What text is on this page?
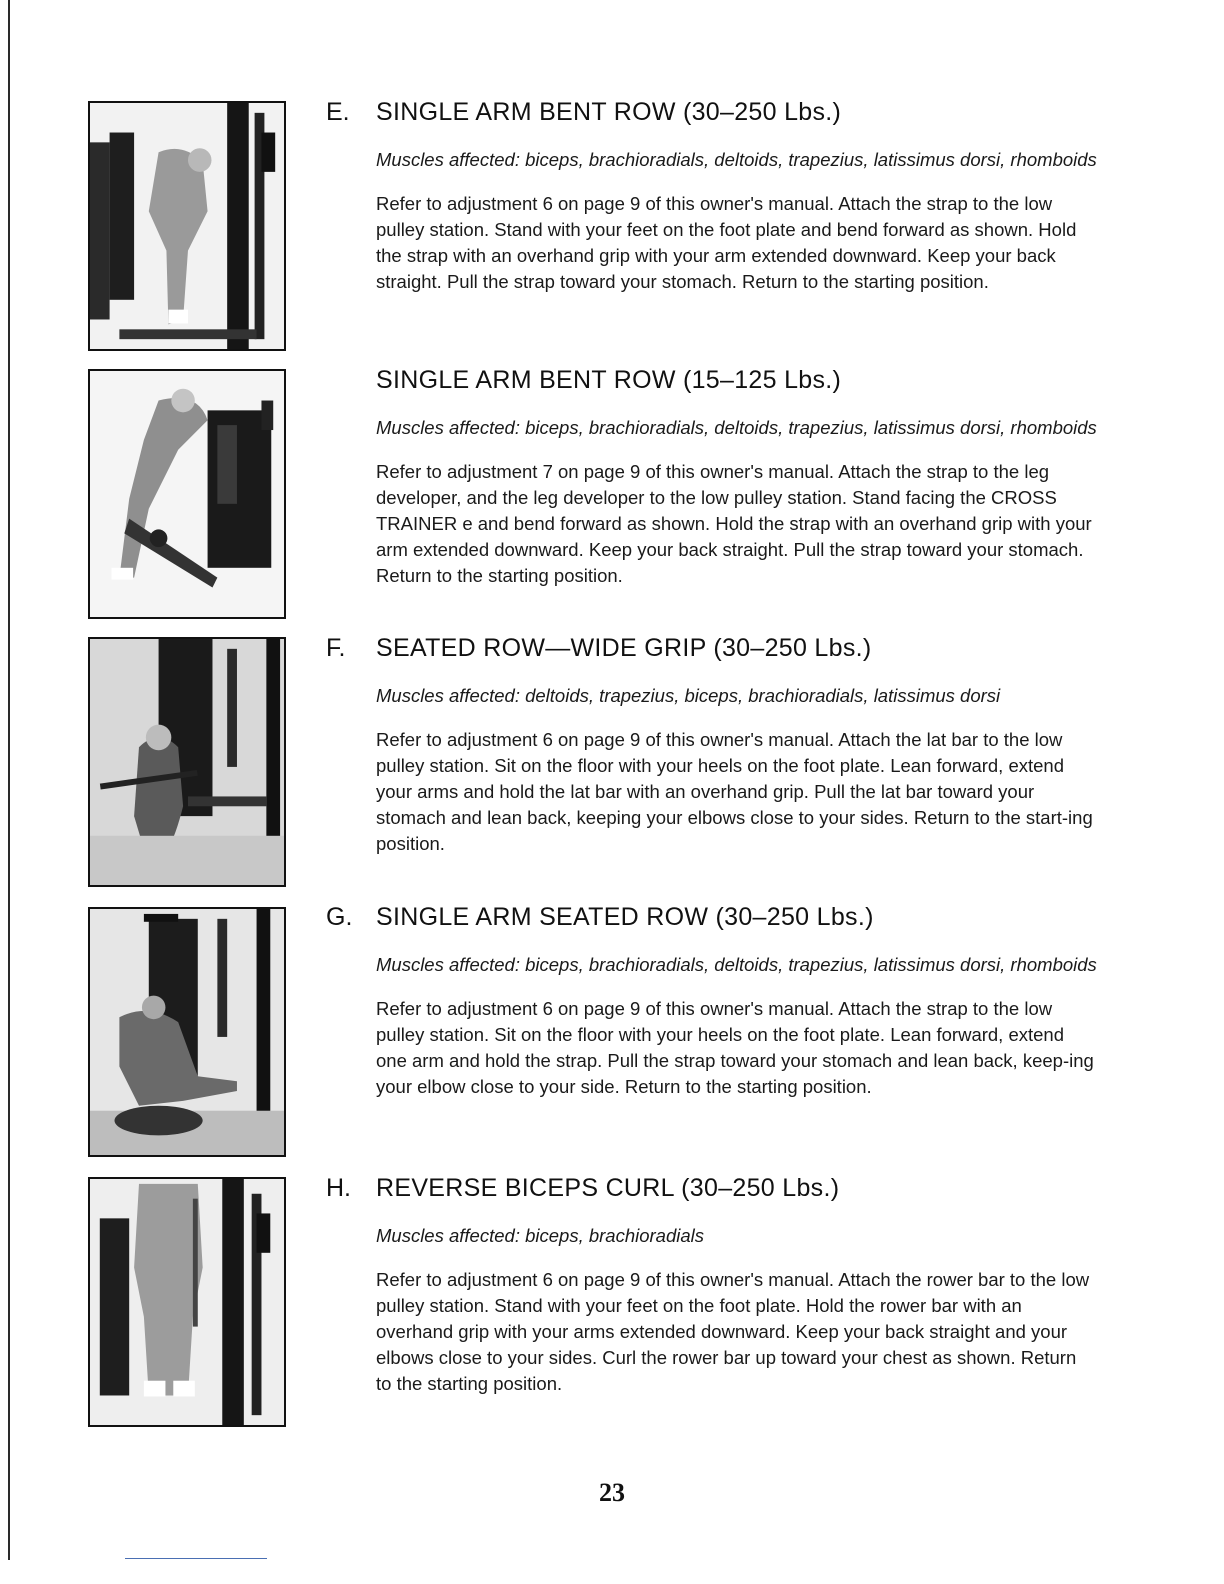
E. SINGLE ARM BENT ROW (30–250 Lbs.)
Muscles affected: biceps, brachioradials, deltoids, trapezius, latissimus dorsi, rhomboids
Refer to adjustment 6 on page 9 of this owner's manual. Attach the strap to the low pulley station. Stand with your feet on the foot plate and bend forward as shown. Hold the strap with an overhand grip with your arm extended downward. Keep your back straight. Pull the strap toward your stomach. Return to the starting position.
SINGLE ARM BENT ROW (15–125 Lbs.)
Muscles affected: biceps, brachioradials, deltoids, trapezius, latissimus dorsi, rhomboids
Refer to adjustment 7 on page 9 of this owner's manual. Attach the strap to the leg developer, and the leg developer to the low pulley station. Stand facing the CROSS TRAINER e and bend forward as shown. Hold the strap with an overhand grip with your arm extended downward. Keep your back straight. Pull the strap toward your stomach. Return to the starting position.
F. SEATED ROW—WIDE GRIP (30–250 Lbs.)
Muscles affected: deltoids, trapezius, biceps, brachioradials, latissimus dorsi
Refer to adjustment 6 on page 9 of this owner's manual. Attach the lat bar to the low pulley station. Sit on the floor with your heels on the foot plate. Lean forward, extend your arms and hold the lat bar with an overhand grip. Pull the lat bar toward your stomach and lean back, keeping your elbows close to your sides. Return to the start-ing position.
G. SINGLE ARM SEATED ROW (30–250 Lbs.)
Muscles affected: biceps, brachioradials, deltoids, trapezius, latissimus dorsi, rhomboids
Refer to adjustment 6 on page 9 of this owner's manual. Attach the strap to the low pulley station. Sit on the floor with your heels on the foot plate. Lean forward, extend one arm and hold the strap. Pull the strap toward your stomach and lean back, keep-ing your elbow close to your side. Return to the starting position.
H. REVERSE BICEPS CURL (30–250 Lbs.)
Muscles affected: biceps, brachioradials
Refer to adjustment 6 on page 9 of this owner's manual. Attach the rower bar to the low pulley station. Stand with your feet on the foot plate. Hold the rower bar with an overhand grip with your arms extended downward. Keep your back straight and your elbows close to your sides. Curl the rower bar up toward your chest as shown. Return to the starting position.
23
